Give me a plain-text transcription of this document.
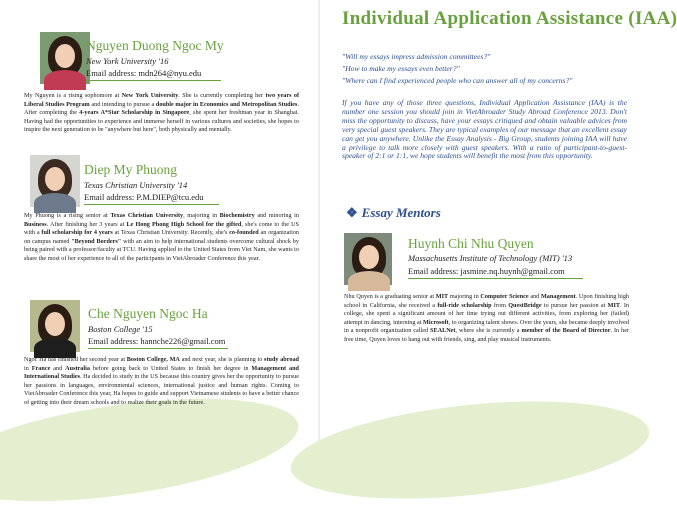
Nguyen Duong Ngoc My
New York University '16
Email address: mdn264@nyu.edu

My Nguyen is a rising sophomore at New York University. She is currently completing her two years of Liberal Studies Program and intending to pursue a double major in Economics and Metropolitan Studies. After completing the 4-years A*Star Scholarship in Singapore, she spent her freshman year in Shanghai. Having had the opportunities to experience and immerse herself in various cultures and societies, she hopes to inspire the next generation to be "anywhere but here", both physically and mentally.

Diep My Phuong
Texas Christian University '14
Email address: P.M.DIEP@tcu.edu

My Phuong is a rising senior at Texas Christian University, majoring in Biochemistry and minoring in Business. After finishing her 3 years at Le Hong Phong High School for the gifted, she's come to the US with a full scholarship for 4 years at Texas Christian University. Recently, she's co-founded an organization on campus named "Beyond Borders" with an aim to help international students overcome cultural shock by being paired with a professor/faculty at TCU. Having applied to the United States from Viet Nam, she wants to share the most of her experience to all of the participants in VietAbroader Conference this year.

Che Nguyen Ngoc Ha
Boston College '15
Email address: hannche226@gmail.com

Ngoc Ha has finished her second year at Boston College, MA and next year, she is planning to study abroad in France and Australia before going back to United States to finish her degree in Management and International Studies. Ha decided to study in the US because this country gives her the opportunity to pursue her passions in languages, environmental sciences, international justice and human rights. Coming to VietAbroader Conference this year, Ha hopes to guide and support Vietnamese students to have a better chance of getting into their dream schools and to realize their goals in the future.

Individual Application Assistance (IAA)
"Will my essays impress admission committees?"
"How to make my essays even better?"
"Where can I find experienced people who can answer all of my concerns?"

If you have any of those three questions, Individual Application Assistance (IAA) is the number one session you should join in VietAbroader Study Abroad Conference 2013. Don't miss the opportunity to discuss, have your essays critiqued and obtain valuable advices from very special guest speakers. They are typical examples of our message that an excellent essay can get you anywhere. Unlike the Essay Analysis - Big Group, students joining IAA will have a privilege to talk more closely with guest speakers. With a ratio of participant-to-guest-speaker of 2:1 or 1:1, we hope students will benefit the most from this opportunity.

❖ Essay Mentors
Huynh Chi Nhu Quyen
Massachusetts Institute of Technology (MIT) '13
Email address: jasmine.nq.huynh@gmail.com

Nhu Quyen is a graduating senior at MIT majoring in Computer Science and Management. Upon finishing high school in California, she received a full-ride scholarship from QuestBridge to pursue her passion at MIT. In college, she spent a significant amount of her time trying out different activities, from exploring her (failed) attempt in dancing, interning at Microsoft, to organizing talent shows. Over the years, she became deeply involved in a nonprofit organization called SEALNet, where she is currently a member of the Board of Director. In her free time, Quyen loves to hang out with friends, sing, and play musical instruments.
